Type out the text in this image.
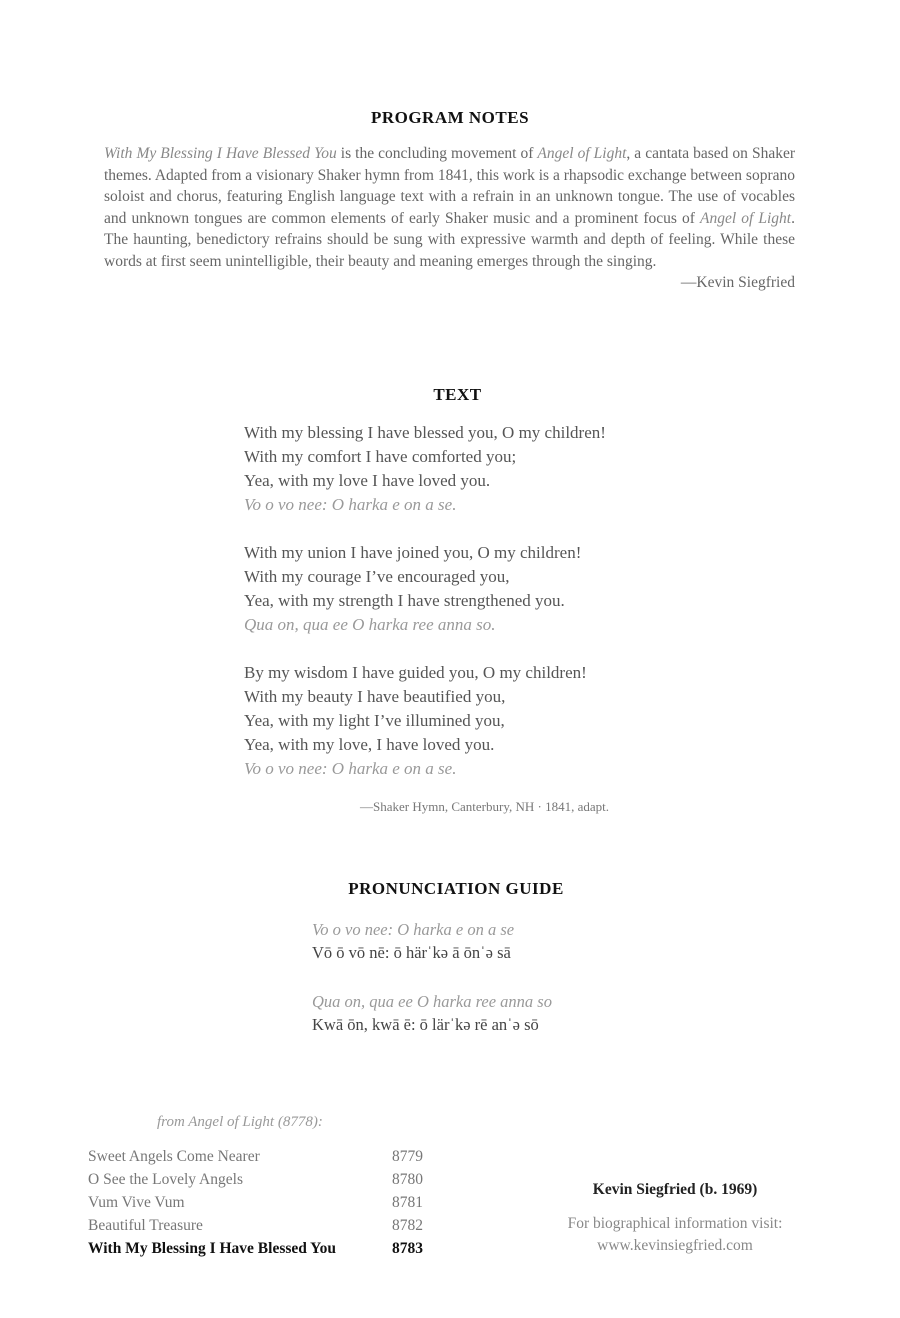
PROGRAM NOTES
With My Blessing I Have Blessed You is the concluding movement of Angel of Light, a cantata based on Shaker themes. Adapted from a visionary Shaker hymn from 1841, this work is a rhapsodic exchange between soprano soloist and chorus, featuring English language text with a refrain in an unknown tongue. The use of vocables and unknown tongues are common elements of early Shaker music and a prominent focus of Angel of Light. The haunting, benedictory refrains should be sung with expressive warmth and depth of feeling. While these words at first seem unintelligible, their beauty and meaning emerges through the singing.
—Kevin Siegfried
TEXT
With my blessing I have blessed you, O my children!
With my comfort I have comforted you;
Yea, with my love I have loved you.
Vo o vo nee: O harka e on a se.
With my union I have joined you, O my children!
With my courage I’ve encouraged you,
Yea, with my strength I have strengthened you.
Qua on, qua ee O harka ree anna so.
By my wisdom I have guided you, O my children!
With my beauty I have beautified you,
Yea, with my light I’ve illumined you,
Yea, with my love, I have loved you.
Vo o vo nee: O harka e on a se.
—Shaker Hymn, Canterbury, NH · 1841, adapt.
PRONUNCIATION GUIDE
Vo o vo nee: O harka e on a se
Vō ō vō nē: ō härˈkə ā ōnˈə sā
Qua on, qua ee O harka ree anna so
Kwā ōn, kwā ē: ō lärˈkə rē anˈə sō
from Angel of Light (8778):
Sweet Angels Come Nearer	8779
O See the Lovely Angels	8780
Vum Vive Vum	8781
Beautiful Treasure	8782
With My Blessing I Have Blessed You	8783
Kevin Siegfried (b. 1969)
For biographical information visit:
www.kevinsiegfried.com
